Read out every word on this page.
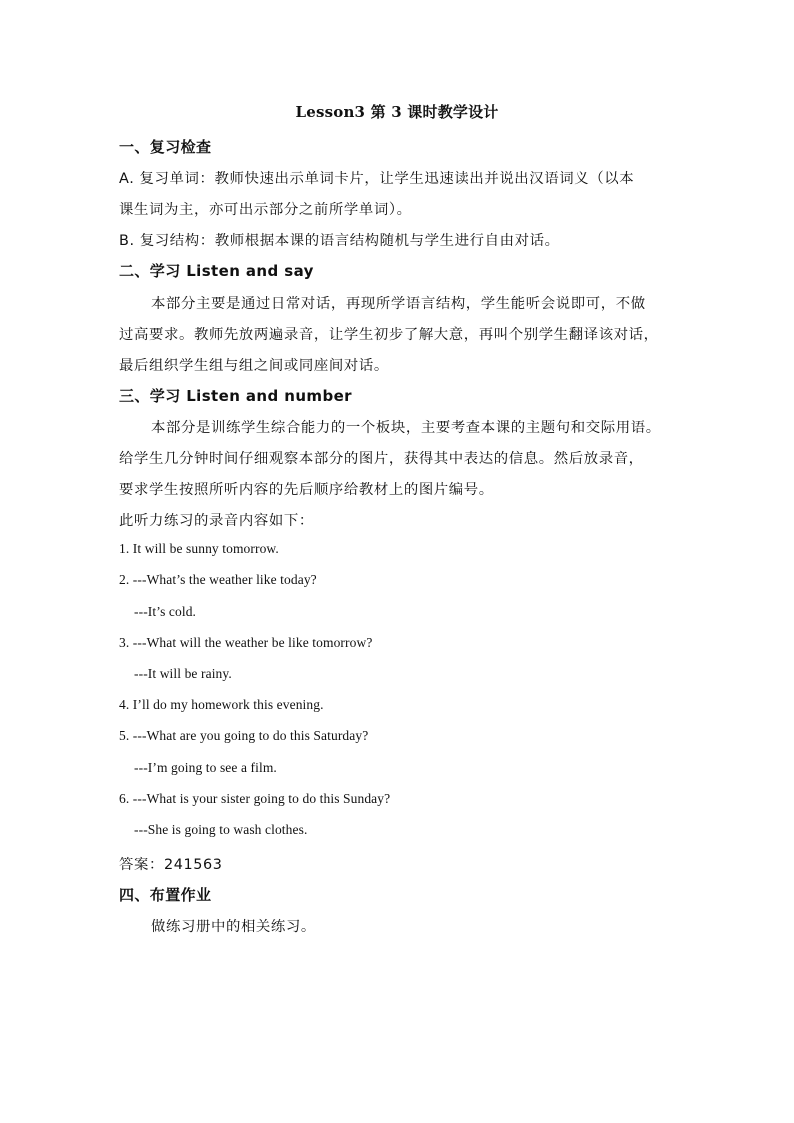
Lesson3 第 3 课时教学设计
一、复习检查
A. 复习单词：教师快速出示单词卡片，让学生迅速读出并说出汉语词义（以本
课生词为主，亦可出示部分之前所学单词）。
B. 复习结构：教师根据本课的语言结构随机与学生进行自由对话。
二、学习 Listen and say
本部分主要是通过日常对话，再现所学语言结构，学生能听会说即可，不做
过高要求。教师先放两遍录音，让学生初步了解大意，再叫个别学生翻译该对话，
最后组织学生组与组之间或同座间对话。
三、学习 Listen and number
本部分是训练学生综合能力的一个板块，主要考查本课的主题句和交际用语。
给学生几分钟时间仔细观察本部分的图片，获得其中表达的信息。然后放录音，
要求学生按照所听内容的先后顺序给教材上的图片编号。
此听力练习的录音内容如下：
1. It will be sunny tomorrow.
2. ---What’s the weather like today?
---It’s cold.
3. ---What will the weather be like tomorrow?
---It will be rainy.
4. I’ll do my homework this evening.
5. ---What are you going to do this Saturday?
---I’m going to see a film.
6. ---What is your sister going to do this Sunday?
---She is going to wash clothes.
答案：241563
四、布置作业
做练习册中的相关练习。
